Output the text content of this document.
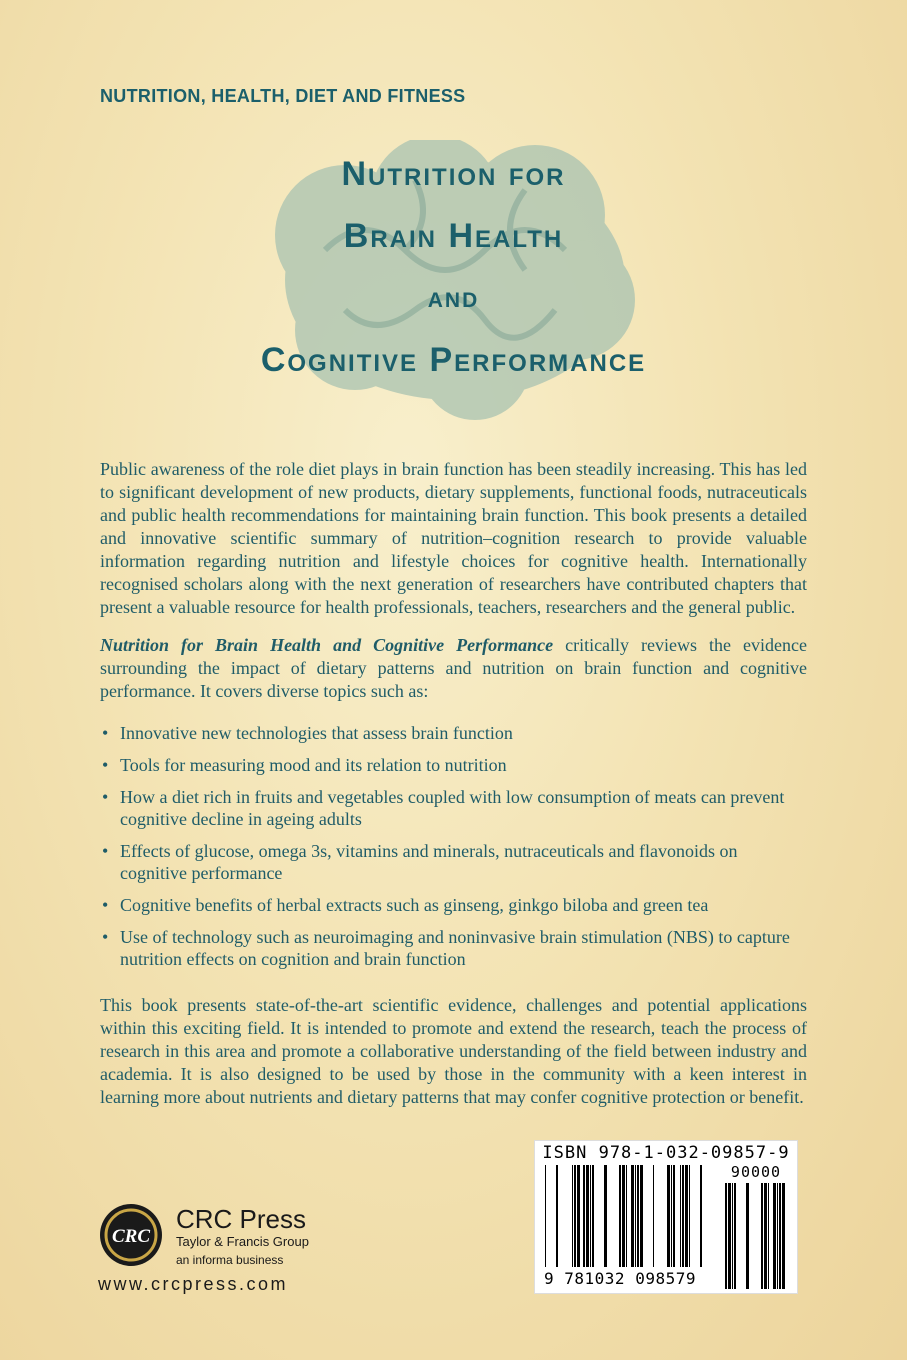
NUTRITION, HEALTH, DIET AND FITNESS
Nutrition for
Brain Health
and
Cognitive Performance

Public awareness of the role diet plays in brain function has been steadily increasing. This has led to significant development of new products, dietary supplements, functional foods, nutraceuticals and public health recommendations for maintaining brain function. This book presents a detailed and innovative scientific summary of nutrition–cognition research to provide valuable information regarding nutrition and lifestyle choices for cognitive health. Internationally recognised scholars along with the next generation of researchers have contributed chapters that present a valuable resource for health professionals, teachers, researchers and the general public.

Nutrition for Brain Health and Cognitive Performance critically reviews the evidence surrounding the impact of dietary patterns and nutrition on brain function and cognitive performance. It covers diverse topics such as:

• Innovative new technologies that assess brain function
• Tools for measuring mood and its relation to nutrition
• How a diet rich in fruits and vegetables coupled with low consumption of meats can prevent cognitive decline in ageing adults
• Effects of glucose, omega 3s, vitamins and minerals, nutraceuticals and flavonoids on cognitive performance
• Cognitive benefits of herbal extracts such as ginseng, ginkgo biloba and green tea
• Use of technology such as neuroimaging and noninvasive brain stimulation (NBS) to capture nutrition effects on cognition and brain function

This book presents state-of-the-art scientific evidence, challenges and potential applications within this exciting field. It is intended to promote and extend the research, teach the process of research in this area and promote a collaborative understanding of the field between industry and academia. It is also designed to be used by those in the community with a keen interest in learning more about nutrients and dietary patterns that may confer cognitive protection or benefit.

ISBN 978-1-032-09857-9
90000
9 781032 098579
CRC
CRC Press
Taylor & Francis Group
an informa business
www.crcpress.com
